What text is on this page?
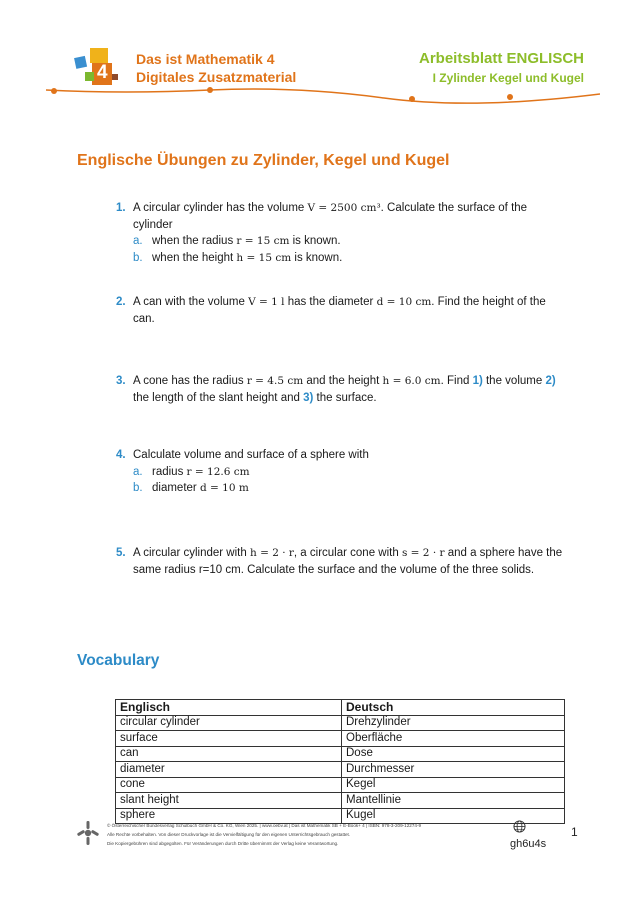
4
Das ist Mathematik 4
Digitales Zusatzmaterial
Arbeitsblatt ENGLISCH
I Zylinder Kegel und Kugel
Englische Übungen zu Zylinder, Kegel und Kugel
1. A circular cylinder has the volume V = 2500 cm³. Calculate the surface of the cylinder
a. when the radius r = 15 cm is known.
b. when the height h = 15 cm is known.
2. A can with the volume V = 1 l has the diameter d = 10 cm. Find the height of the can.
3. A cone has the radius r = 4.5 cm and the height h = 6.0 cm. Find 1) the volume 2) the length of the slant height and 3) the surface.
4. Calculate volume and surface of a sphere with
a. radius r = 12.6 cm
b. diameter d = 10 m
5. A circular cylinder with h = 2 · r, a circular cone with s = 2 · r and a sphere have the same radius r=10 cm. Calculate the surface and the volume of the three solids.
Vocabulary
Englisch	Deutsch
circular cylinder	Drehzylinder
surface	Oberfläche
can	Dose
diameter	Durchmesser
cone	Kegel
slant height	Mantellinie
sphere	Kugel
© Österreichischer Bundesverlag Schulbuch GmbH & Co. KG, Wien 2025. | www.oebv.at | Das ist Mathematik SB + E-Book+ 4 | ISBN: 978-3-209-12274-9
Alle Rechte vorbehalten. Von dieser Druckvorlage ist die Vervielfältigung für den eigenen Unterrichtsgebrauch gestattet.
Die Kopiergebühren sind abgegolten. Für Veränderungen durch Dritte übernimmt der Verlag keine Verantwortung.	gh6u4s
1
